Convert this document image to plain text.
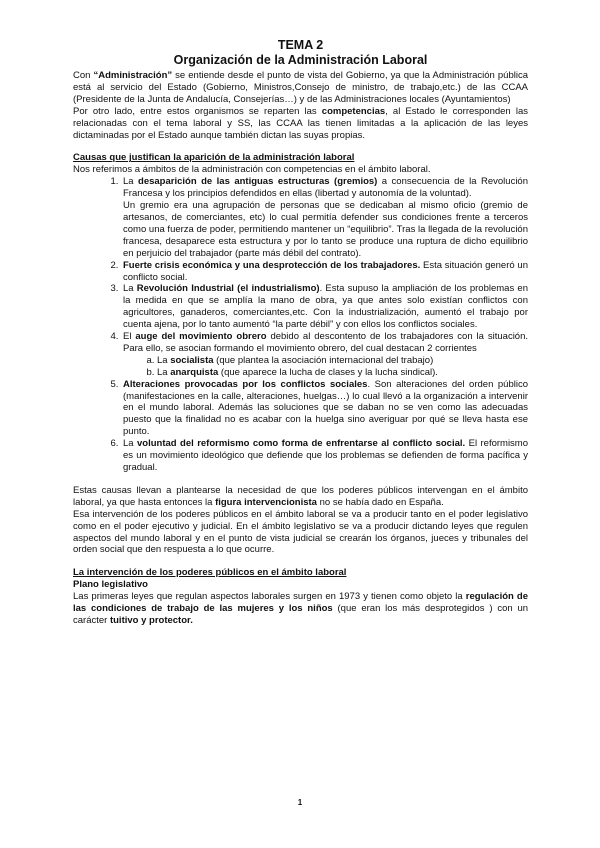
TEMA 2
Organización de la Administración Laboral

Con “Administración” se entiende desde el punto de vista del Gobierno, ya que la Administración pública está al servicio del Estado (Gobierno, Ministros,Consejo de ministro, de trabajo,etc.) de las CCAA (Presidente de la Junta de Andalucía, Consejerías…) y de las Administraciones locales (Ayuntamientos)

Por otro lado, entre estos organismos se reparten las competencias, al Estado le corresponden las relacionadas con el tema laboral y SS, las CCAA las tienen limitadas a la aplicación de las leyes dictaminadas por el Estado aunque también dictan las suyas propias.

Causas que justifican la aparición de la administración laboral

Nos referimos a ámbitos de la administración con competencias en el ámbito laboral.

1. La desaparición de las antiguas estructuras (gremios) a consecuencia de la Revolución Francesa y los principios defendidos en ellas (libertad y autonomía de la voluntad).
Un gremio era una agrupación de personas que se dedicaban al mismo oficio (gremio de artesanos, de comerciantes, etc) lo cual permitía defender sus condiciones frente a terceros como una fuerza de poder, permitiendo mantener un “equilibrio”. Tras la llegada de la revolución francesa, desaparece esta estructura y por lo tanto se produce una ruptura de dicho equilibrio en perjuicio del trabajador (parte más débil del contrato).
2. Fuerte crisis económica y una desprotección de los trabajadores. Esta situación generó un conflicto social.
3. La Revolución Industrial (el industrialismo). Esta supuso la ampliación de los problemas en la medida en que se amplía la mano de obra, ya que antes solo existían conflictos con agricultores, ganaderos, comerciantes,etc. Con la industrialización, aumentó el trabajo por cuenta ajena, por lo tanto aumentó “la parte débil” y con ellos los conflictos sociales.
4. El auge del movimiento obrero debido al descontento de los trabajadores con la situación. Para ello, se asocian formando el movimiento obrero, del cual destacan 2 corrientes
a. La socialista (que plantea la asociación internacional del trabajo)
b. La anarquista (que aparece la lucha de clases y la lucha sindical).
5. Alteraciones provocadas por los conflictos sociales. Son alteraciones del orden público (manifestaciones en la calle, alteraciones, huelgas…) lo cual llevó a la organización a intervenir en el mundo laboral. Además las soluciones que se daban no se ven como las adecuadas puesto que la finalidad no es acabar con la huelga sino averiguar por qué se lleva hasta ese punto.
6. La voluntad del reformismo como forma de enfrentarse al conflicto social. El reformismo es un movimiento ideológico que defiende que los problemas se defienden de forma pacífica y gradual.

Estas causas llevan a plantearse la necesidad de que los poderes públicos intervengan en el ámbito laboral, ya que hasta entonces la figura intervencionista no se había dado en España.

Esa intervención de los poderes públicos en el ámbito laboral se va a producir tanto en el poder legislativo como en el poder ejecutivo y judicial. En el ámbito legislativo se va a producir dictando leyes que regulen aspectos del mundo laboral y en el punto de vista judicial se crearán los órganos, jueces y tribunales del orden social que den respuesta a lo que ocurre.

La intervención de los poderes públicos en el ámbito laboral
Plano legislativo

Las primeras leyes que regulan aspectos laborales surgen en 1973 y tienen como objeto la regulación de las condiciones de trabajo de las mujeres y los niños (que eran los más desprotegidos ) con un carácter tuitivo y protector.

1
